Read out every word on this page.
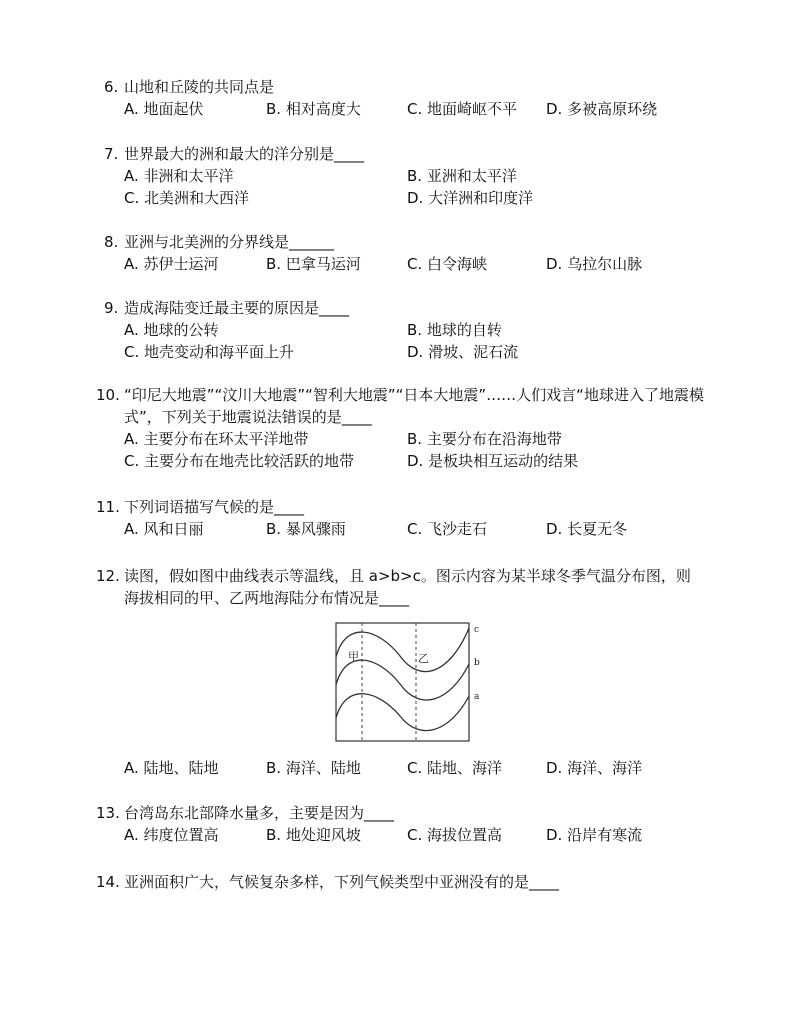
6. 山地和丘陵的共同点是
A. 地面起伏	B. 相对高度大	C. 地面崎岖不平 D. 多被高原环绕
7. 世界最大的洲和最大的洋分别是____
A. 非洲和太平洋	B. 亚洲和太平洋
C. 北美洲和大西洋	D. 大洋洲和印度洋
8. 亚洲与北美洲的分界线是______
A. 苏伊士运河	B. 巴拿马运河	C. 白令海峡	D. 乌拉尔山脉
9. 造成海陆变迁最主要的原因是____
A. 地球的公转	B. 地球的自转
C. 地壳变动和海平面上升	D. 滑坡、泥石流
10. “印尼大地震”“汶川大地震”“智利大地震”“日本大地震”……人们戏言“地球进入了地震模式”，下列关于地震说法错误的是____
A. 主要分布在环太平洋地带	B. 主要分布在沿海地带
C. 主要分布在地壳比较活跃的地带	D. 是板块相互运动的结果
11. 下列词语描写气候的是____
A. 风和日丽	B. 暴风骤雨	C. 飞沙走石	D. 长夏无冬
12. 读图，假如图中曲线表示等温线，且 a>b>c。图示内容为某半球冬季气温分布图，则海拔相同的甲、乙两地海陆分布情况是____
甲	乙
c
b
a
A. 陆地、陆地	B. 海洋、陆地	C. 陆地、海洋	D. 海洋、海洋
13. 台湾岛东北部降水量多，主要是因为____
A. 纬度位置高	B. 地处迎风坡	C. 海拔位置高	D. 沿岸有寒流
14. 亚洲面积广大，气候复杂多样，下列气候类型中亚洲没有的是____
